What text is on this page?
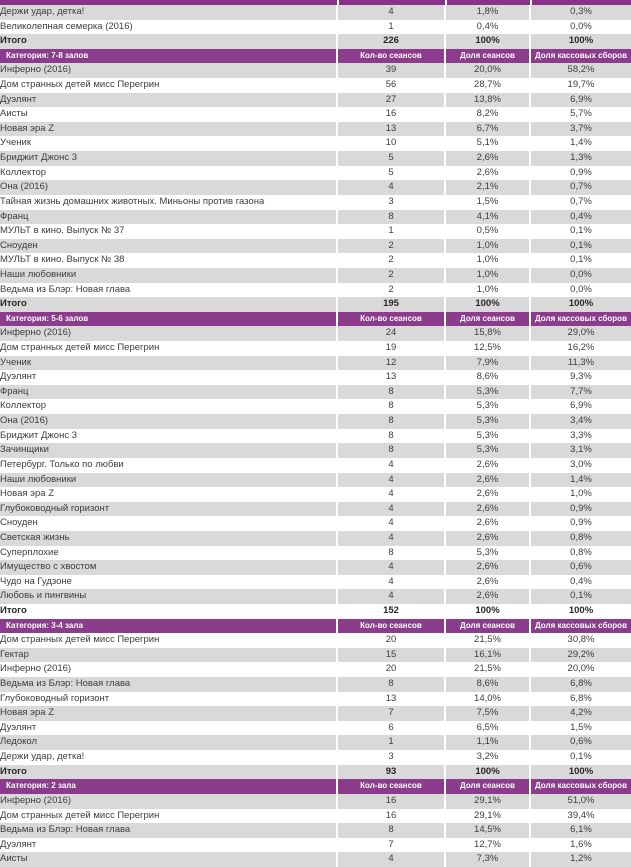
Держи удар, детка!	4	1,8%	0,3%
Великолепная семерка (2016)	1	0,4%	0,0%
Итого	226	100%	100%
Категория: 7-8 залов	Кол-во сеансов	Доля сеансов	Доля кассовых сборов
Инферно (2016)	39	20,0%	58,2%
Дом странных детей мисс Перегрин	56	28,7%	19,7%
Дуэлянт	27	13,8%	6,9%
Аисты	16	8,2%	5,7%
Новая эра Z	13	6,7%	3,7%
Ученик	10	5,1%	1,4%
Бриджит Джонс 3	5	2,6%	1,3%
Коллектор	5	2,6%	0,9%
Она (2016)	4	2,1%	0,7%
Тайная жизнь домашних животных. Миньоны против газона	3	1,5%	0,7%
Франц	8	4,1%	0,4%
МУЛЬТ в кино. Выпуск № 37	1	0,5%	0,1%
Сноуден	2	1,0%	0,1%
МУЛЬТ в кино. Выпуск № 38	2	1,0%	0,1%
Наши любовники	2	1,0%	0,0%
Ведьма из Блэр: Новая глава	2	1,0%	0,0%
Итого	195	100%	100%
Категория: 5-6 залов	Кол-во сеансов	Доля сеансов	Доля кассовых сборов
Инферно (2016)	24	15,8%	29,0%
Дом странных детей мисс Перегрин	19	12,5%	16,2%
Ученик	12	7,9%	11,3%
Дуэлянт	13	8,6%	9,3%
Франц	8	5,3%	7,7%
Коллектор	8	5,3%	6,9%
Она (2016)	8	5,3%	3,4%
Бриджит Джонс 3	8	5,3%	3,3%
Зачинщики	8	5,3%	3,1%
Петербург. Только по любви	4	2,6%	3,0%
Наши любовники	4	2,6%	1,4%
Новая эра Z	4	2,6%	1,0%
Глубоководный горизонт	4	2,6%	0,9%
Сноуден	4	2,6%	0,9%
Светская жизнь	4	2,6%	0,8%
Суперплохие	8	5,3%	0,8%
Имущество с хвостом	4	2,6%	0,6%
Чудо на Гудзоне	4	2,6%	0,4%
Любовь и пингвины	4	2,6%	0,1%
Итого	152	100%	100%
Категория: 3-4 зала	Кол-во сеансов	Доля сеансов	Доля кассовых сборов
Дом странных детей мисс Перегрин	20	21,5%	30,8%
Гектар	15	16,1%	29,2%
Инферно (2016)	20	21,5%	20,0%
Ведьма из Блэр: Новая глава	8	8,6%	6,8%
Глубоководный горизонт	13	14,0%	6,8%
Новая эра Z	7	7,5%	4,2%
Дуэлянт	6	6,5%	1,5%
Ледокол	1	1,1%	0,6%
Держи удар, детка!	3	3,2%	0,1%
Итого	93	100%	100%
Категория: 2 зала	Кол-во сеансов	Доля сеансов	Доля кассовых сборов
Инферно (2016)	16	29,1%	51,0%
Дом странных детей мисс Перегрин	16	29,1%	39,4%
Ведьма из Блэр: Новая глава	8	14,5%	6,1%
Дуэлянт	7	12,7%	1,6%
Аисты	4	7,3%	1,2%
